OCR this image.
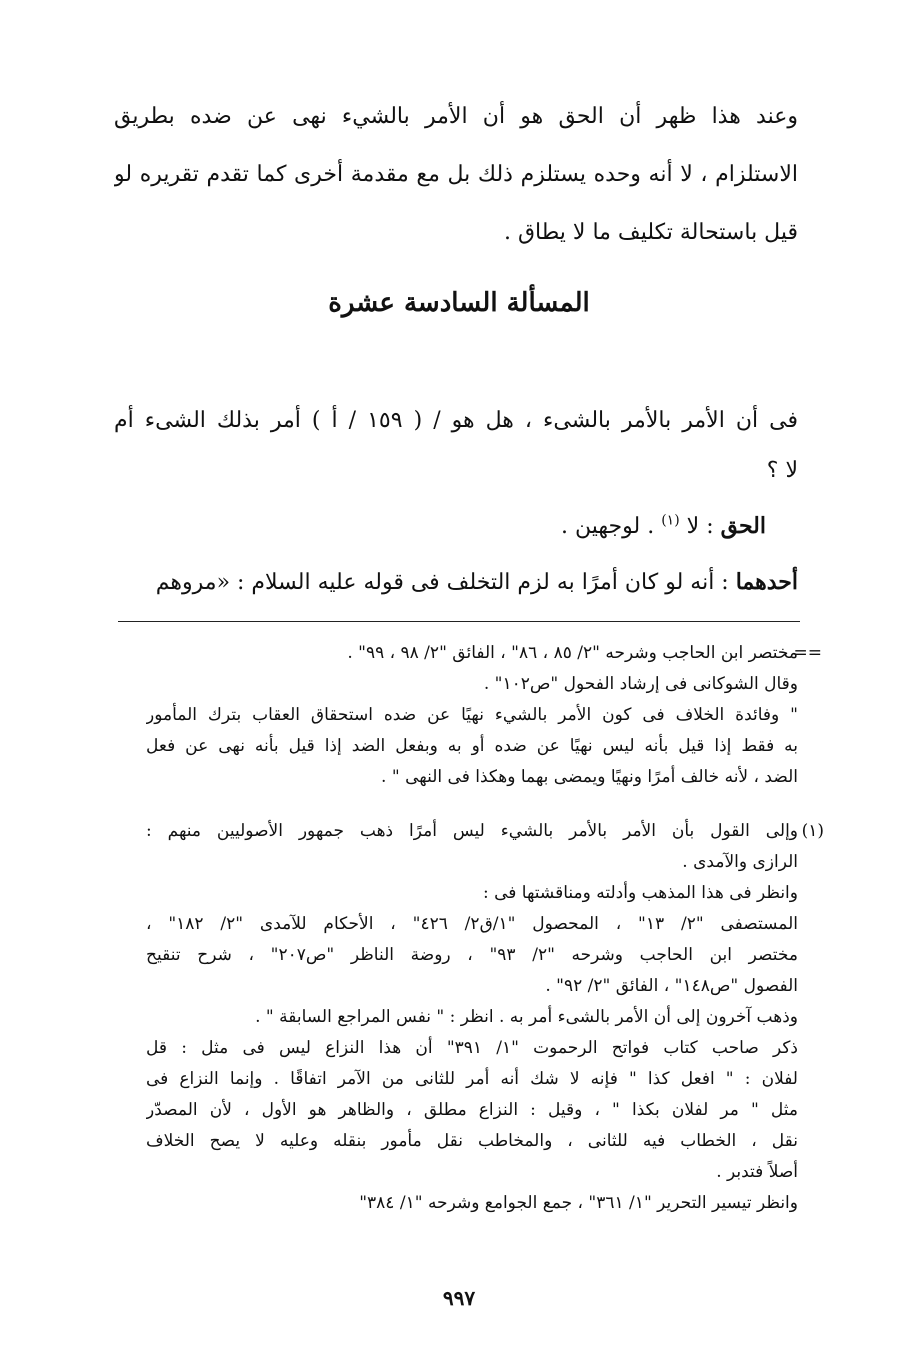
وعند هذا ظهر أن الحق هو أن الأمر بالشيء نهى عن ضده بطريق
الاستلزام ، لا أنه وحده يستلزم ذلك بل مع مقدمة أخرى كما تقدم تقريره لو
قيل باستحالة تكليف ما لا يطاق .
المسألة السادسة عشرة
فى أن الأمر بالأمر بالشىء ، هل هو / ( ١٥٩ / أ ) أمر بذلك الشىء أم
لا ؟
الحق : لا $^{(١)}$ . لوجهين .
أحدهما : أنه لو كان أمرًا به لزم التخلف فى قوله عليه السلام : «مروهم
==
مختصر ابن الحاجب وشرحه "٢/ ٨٥ ، ٨٦" ، الفائق "٢/ ٩٨ ، ٩٩" .
وقال الشوكانى فى إرشاد الفحول "ص١٠٢" .
" وفائدة الخلاف فى كون الأمر بالشيء نهيًا عن ضده استحقاق العقاب بترك المأمور
به فقط إذا قيل بأنه ليس نهيًا عن ضده أو به وبفعل الضد إذا قيل بأنه نهى عن فعل
الضد ، لأنه خالف أمرًا ونهيًا ويمضى بهما وهكذا فى النهى " .
(١)
وإلى القول بأن الأمر بالأمر بالشيء ليس أمرًا ذهب جمهور الأصوليين منهم :
الرازى والآمدى .
وانظر فى هذا المذهب وأدلته ومناقشتها فى :
المستصفى "٢/ ١٣" ، المحصول "١/ق٢/ ٤٢٦" ، الأحكام للآمدى "٢/ ١٨٢" ،
مختصر ابن الحاجب وشرحه "٢/ ٩٣" ، روضة الناظر "ص٢٠٧" ، شرح تنقيح
الفصول "ص١٤٨" ، الفائق "٢/ ٩٢" .
وذهب آخرون إلى أن الأمر بالشىء أمر به . انظر : " نفس المراجع السابقة " .
ذكر صاحب كتاب فواتح الرحموت "١/ ٣٩١" أن هذا النزاع ليس فى مثل : قل
لفلان : " افعل كذا " فإنه لا شك أنه أمر للثانى من الآمر اتفاقًا . وإنما النزاع فى
مثل " مر لفلان بكذا " ، وقيل : النزاع مطلق ، والظاهر هو الأول ، لأن المصدّر
نقل ، الخطاب فيه للثانى ، والمخاطب نقل مأمور بنقله وعليه لا يصح الخلاف
أصلاً فتدبر .
وانظر تيسير التحرير "١/ ٣٦١" ، جمع الجوامع وشرحه "١/ ٣٨٤"
٩٩٧
